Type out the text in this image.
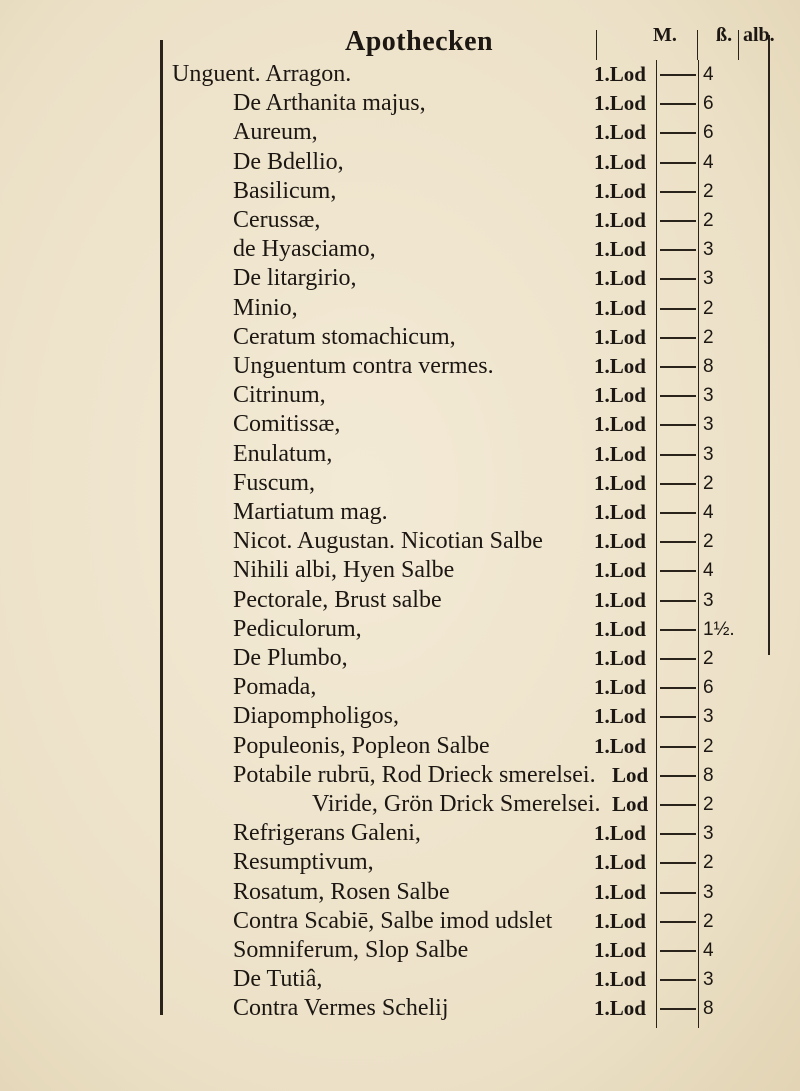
Apothecken	M. ß. alb.
Unguent. Arragon.	1.Lod	4
De Arthanita majus,	1.Lod	6
Aureum,	1.Lod	6
De Bdellio,	1.Lod	4
Basilicum,	1.Lod	2
Cerussæ,	1.Lod	2
de Hyasciamo,	1.Lod	3
De litargirio,	1.Lod	3
Minio,	1.Lod	2
Ceratum stomachicum,	1.Lod	2
Unguentum contra vermes.	1.Lod	8
Citrinum,	1.Lod	3
Comitissæ,	1.Lod	3
Enulatum,	1.Lod	3
Fuscum,	1.Lod	2
Martiatum mag.	1.Lod	4
Nicot. Augustan. Nicotian Salbe 1.Lod	2
Nihili albi, Hyen Salbe	1.Lod	4
Pectorale, Brust salbe	1.Lod	3
Pediculorum,	1.Lod	1½.
De Plumbo,	1.Lod	2
Pomada,	1.Lod	6
Diapompholigos,	1.Lod	3
Populeonis, Popleon Salbe	1.Lod	2
Potabile rubrū, Rod Drieck smerelsei. Lod	8
Viride, Grön Drick Smerelsei. Lod	2
Refrigerans Galeni,	1.Lod	3
Resumptivum,	1.Lod	2
Rosatum, Rosen Salbe	1.Lod	3
Contra Scabiē, Salbe imod udslet 1.Lod	2
Somniferum, Slop Salbe	1.Lod	4
De Tutiâ,	1.Lod	3
Contra Vermes Schelij	1.Lod	8
